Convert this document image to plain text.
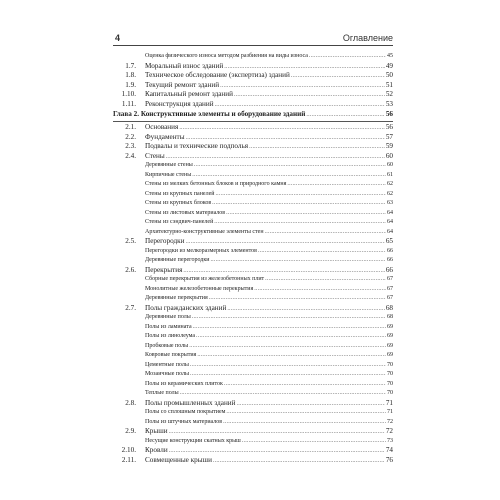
4	Оглавление
Оценка физического износа методом разбиения на виды износа .....	45
1.7. Моральный износ зданий .....	49
1.8. Техническое обследование (экспертиза) зданий .....	50
1.9. Текущий ремонт зданий .....	51
1.10. Капитальный ремонт зданий .....	52
1.11. Реконструкция зданий .....	53
Глава 2. Конструктивные элементы и оборудование зданий .....	56
2.1. Основания .....	56
2.2. Фундаменты .....	57
2.3. Подвалы и технические подполья .....	59
2.4. Стены .....	60
Деревянные стены .....	60
Кирпичные стены .....	61
Стены из мелких бетонных блоков и природного камня .....	62
Стены из крупных панелей .....	62
Стены из крупных блоков .....	63
Стены из листовых материалов .....	64
Стены из сэндвич-панелей .....	64
Архитектурно-конструктивные элементы стен .....	64
2.5. Перегородки .....	65
Перегородки из мелкоразмерных элементов .....	66
Деревянные перегородки .....	66
2.6. Перекрытия .....	66
Сборные перекрытия из железобетонных плит .....	67
Монолитные железобетонные перекрытия .....	67
Деревянные перекрытия .....	67
2.7. Полы гражданских зданий .....	68
Деревянные полы .....	68
Полы из ламината .....	69
Полы из линолеума .....	69
Пробковые полы .....	69
Ковровые покрытия .....	69
Цементные полы .....	70
Мозаичные полы .....	70
Полы из керамических плиток .....	70
Теплые полы .....	70
2.8. Полы промышленных зданий .....	71
Полы со сплошным покрытием .....	71
Полы из штучных материалов .....	72
2.9. Крыши .....	72
Несущие конструкции скатных крыш .....	73
2.10. Кровли .....	74
2.11. Совмещенные крыши .....	76
